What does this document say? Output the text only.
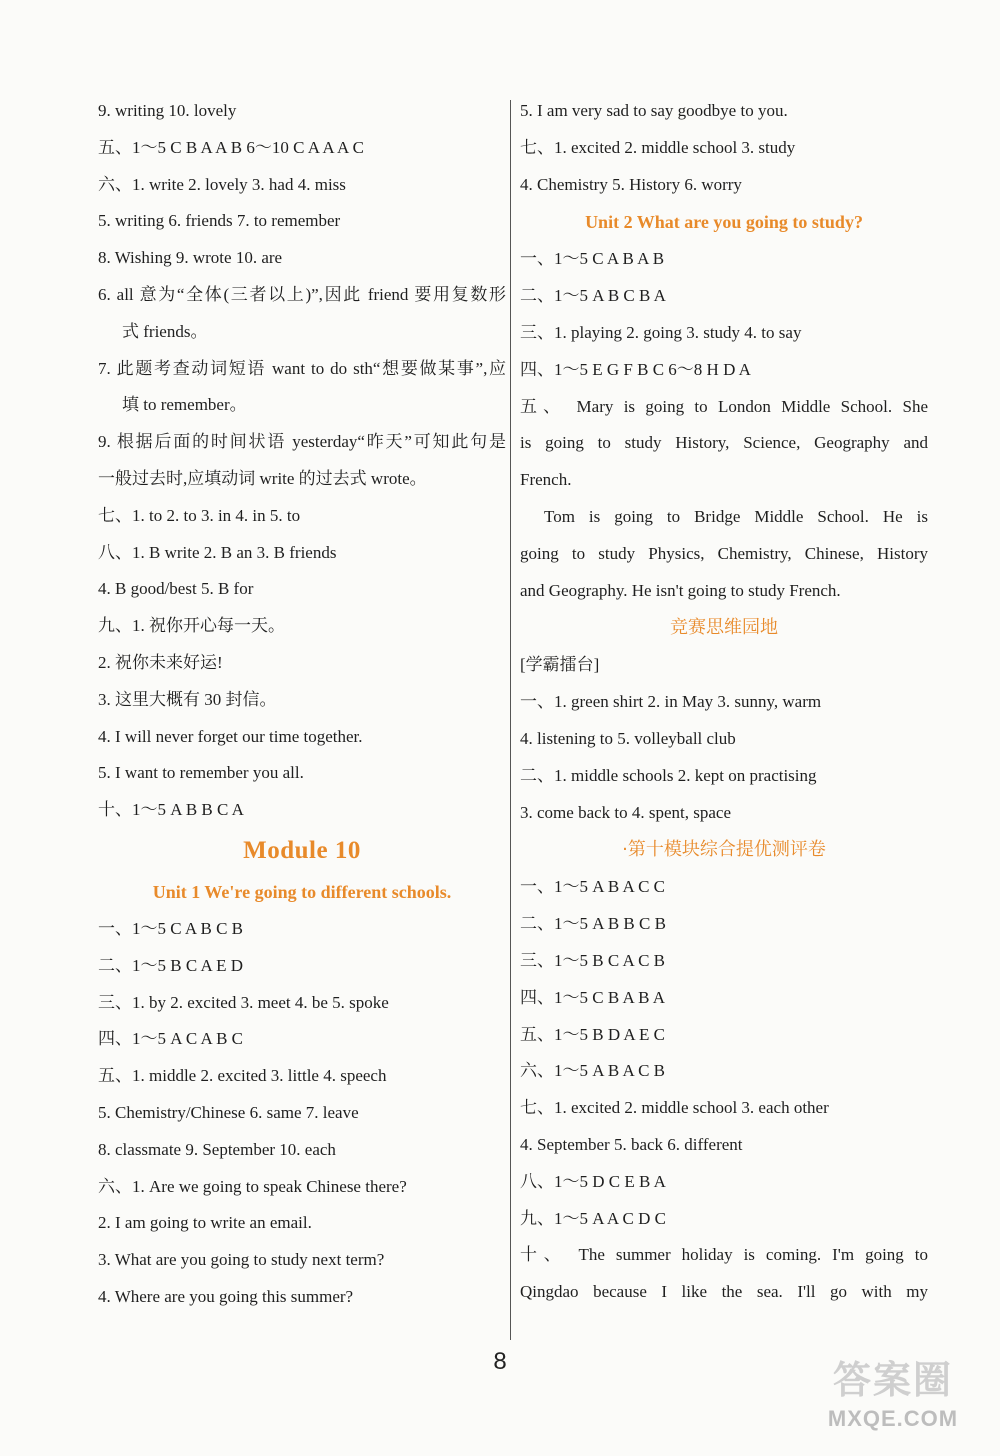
9. writing 10. lovely
五、1～5 C B A A B 6～10 C A A A C
六、1. write 2. lovely 3. had 4. miss
5. writing 6. friends 7. to remember
8. Wishing 9. wrote 10. are
6. all 意为“全体(三者以上)”,因此 friend 要用复数形
式 friends。
7. 此题考查动词短语 want to do sth“想要做某事”,应
填 to remember。
9. 根据后面的时间状语 yesterday“昨天”可知此句是
一般过去时,应填动词 write 的过去式 wrote。
七、1. to 2. to 3. in 4. in 5. to
八、1. B write 2. B an 3. B friends
4. B good/best 5. B for
九、1. 祝你开心每一天。
2. 祝你未来好运!
3. 这里大概有 30 封信。
4. I will never forget our time together.
5. I want to remember you all.
十、1～5 A B B C A
Module 10
Unit 1 We're going to different schools.
一、1～5 C A B C B
二、1～5 B C A E D
三、1. by 2. excited 3. meet 4. be 5. spoke
四、1～5 A C A B C
五、1. middle 2. excited 3. little 4. speech
5. Chemistry/Chinese 6. same 7. leave
8. classmate 9. September 10. each
六、1. Are we going to speak Chinese there?
2. I am going to write an email.
3. What are you going to study next term?
4. Where are you going this summer?
5. I am very sad to say goodbye to you.
七、1. excited 2. middle school 3. study
4. Chemistry 5. History 6. worry
Unit 2 What are you going to study?
一、1～5 C A B A B
二、1～5 A B C B A
三、1. playing 2. going 3. study 4. to say
四、1～5 E G F B C 6～8 H D A
五、 Mary is going to London Middle School. She
is going to study History, Science, Geography and
French.
Tom is going to Bridge Middle School. He is
going to study Physics, Chemistry, Chinese, History
and Geography. He isn't going to study French.
竞赛思维园地
[学霸擂台]
一、1. green shirt 2. in May 3. sunny, warm
4. listening to 5. volleyball club
二、1. middle schools 2. kept on practising
3. come back to 4. spent, space
·第十模块综合提优测评卷
一、1～5 A B A C C
二、1～5 A B B C B
三、1～5 B C A C B
四、1～5 C B A B A
五、1～5 B D A E C
六、1～5 A B A C B
七、1. excited 2. middle school 3. each other
4. September 5. back 6. different
八、1～5 D C E B A
九、1～5 A A C D C
十、 The summer holiday is coming. I'm going to
Qingdao because I like the sea. I'll go with my
8	答案圈
MXQE.COM
